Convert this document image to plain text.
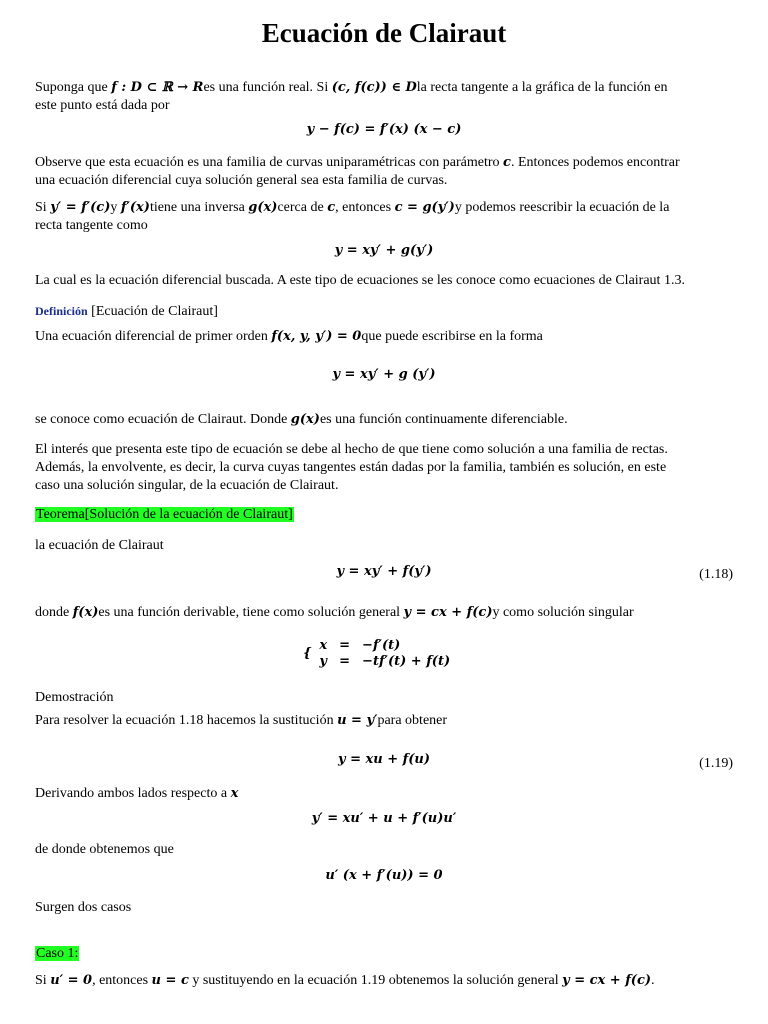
Ecuación de Clairaut

Suponga que f : D ⊂ ℝ → Res una función real. Si (c, f(c)) ∈ Dla recta tangente a la gráfica de la función en
este punto está dada por

y − f(c) = f′(x) (x − c)

Observe que esta ecuación es una familia de curvas uniparamétricas con parámetro c. Entonces podemos encontrar
una ecuación diferencial cuya solución general sea esta familia de curvas.

Si y′ = f′(c)y f′(x)tiene una inversa g(x)cerca de c, entonces c = g(y′)y podemos reescribir la ecuación de la
recta tangente como

y = xy′ + g(y′)

La cual es la ecuación diferencial buscada. A este tipo de ecuaciones se les conoce como ecuaciones de Clairaut 1.3.

Definición [Ecuación de Clairaut]

Una ecuación diferencial de primer orden f(x, y, y′) = 0que puede escribirse en la forma

y = xy′ + g (y′)

se conoce como ecuación de Clairaut. Donde g(x)es una función continuamente diferenciable.

El interés que presenta este tipo de ecuación se debe al hecho de que tiene como solución a una familia de rectas.
Además, la envolvente, es decir, la curva cuyas tangentes están dadas por la familia, también es solución, en este
caso una solución singular, de la ecuación de Clairaut.

Teorema[Solución de la ecuación de Clairaut]

la ecuación de Clairaut

y = xy′ + f(y′)	(1.18)

donde f(x)es una función derivable, tiene como solución general y = cx + f(c)y como solución singular

{	x	=	−f′(t)
	y	=	−tf′(t) + f(t)

Demostración

Para resolver la ecuación 1.18 hacemos la sustitución u = y′para obtener

y = xu + f(u)	(1.19)

Derivando ambos lados respecto a x

y′ = xu′ + u + f′(u)u′

de donde obtenemos que

u′ (x + f′(u)) = 0

Surgen dos casos

Caso 1:

Si u′ = 0, entonces u = c y sustituyendo en la ecuación 1.19 obtenemos la solución general y = cx + f(c).
